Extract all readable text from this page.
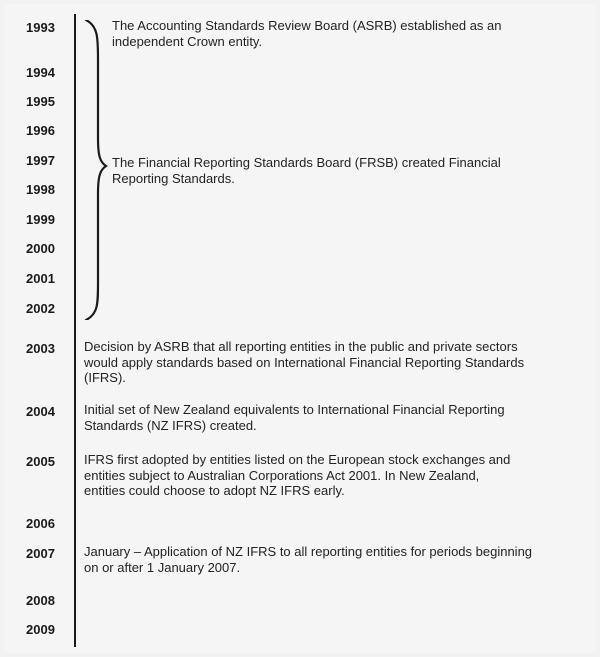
1993
1994
1995
1996
1997
1998
1999
2000
2001
2002
2003
2004
2005
2006
2007
2008
2009
The Accounting Standards Review Board (ASRB) established as an
independent Crown entity.
The Financial Reporting Standards Board (FRSB) created Financial
Reporting Standards.
Decision by ASRB that all reporting entities in the public and private sectors
would apply standards based on International Financial Reporting Standards
(IFRS).
Initial set of New Zealand equivalents to International Financial Reporting
Standards (NZ IFRS) created.
IFRS first adopted by entities listed on the European stock exchanges and
entities subject to Australian Corporations Act 2001. In New Zealand,
entities could choose to adopt NZ IFRS early.
January – Application of NZ IFRS to all reporting entities for periods beginning
on or after 1 January 2007.
